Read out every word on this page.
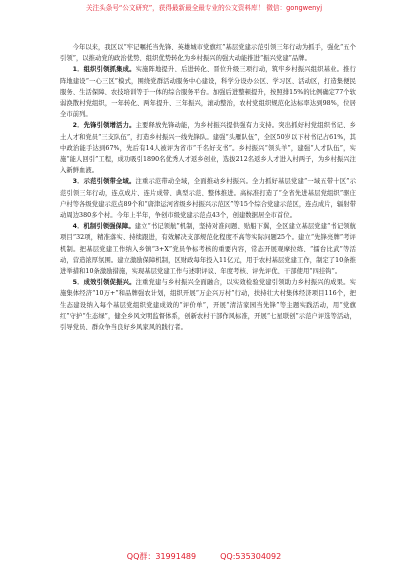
关注头条号“公文研究”，获得最新最全最专业的公文资料库！ 微信：gongwenyj

今年以来，我区以“牢记嘱托当先锋、英雄城市党旗红”基层党建示范引领三年行动为抓手，强化“五个引领”，以推动党的政治优势、组织优势转化为乡村振兴的强大动能推进“振兴党建”品牌。

1．组织引领抓集成。实施阵地提升、后进转化、晋位升级三项行动，筑牢乡村振兴组织基业。推行阵地建设“一心三区”模式，围绕党群活动服务中心建设，科学分设办公区、学习区、活动区，打造集便民服务、生活保障、农技培训等于一体的综合服务平台。加强后进整顿提升，按照排15%的比例确定77个软弱涣散村党组织，一年转化、两年提升、三年振兴，滚动整治，农村党组织规范化达标率达到98%，位居全市前列。

2．先锋引领增活力。主要释放先锋动能，为乡村振兴提供强有力支持。突出抓好村党组织书记、乡土人才和党员“三支队伍”，打造乡村振兴一线先锋队。建强“头雁队伍”，全区50岁以下村书记占61%，其中政治能手达到67%，先后有14人被评为省市“千名好支书”。乡村振兴“领头羊”，建强“人才队伍”，实施“能人回引”工程，成功吸引1890名优秀人才返乡创业，选拔212名返乡人才进入村两子，为乡村振兴注入新鲜血液。

3．示范引领带全域。注重示范带动全域，全面推动乡村振兴。全力抓好基层党建“一域五带十区”示范引领三年行动，连点成片、连片成带、典型示范、整体推进。高标准打造了“全省先进基层党组织”驱庄户村等各级党建示范点89个和“唐津运河省级乡村振兴示范区”等15个综合党建示范区，连点成片，辐射带动周边380多个村。今年上半年，争创市级党建示范点43个，创建数据居全市首位。

4．机制引领强保障。建立“书记领航”机制，坚持对准问题、贴船下翼，全区建立基层党建“书记领航项目”32项，精准落实、持续跟进，有效解决支部规范化程度不高等实际问题25个。建立“先锋亮牌”考评机制。把基层党建工作纳入乡镇“3+X”党员争标考核的重要内容，常态开展观摩拉练、“擂台比武”等活动，营造浓厚氛围。建立激励保障机制，区财政每年投入11亿元，用于农村基层党建工作，制定了10条推进举措和10条激励措施，实现基层党建工作与述职评议、年度考核、评先评优、干部使用“四挂钩”。

5．成效引领促振兴。注重党建与乡村振兴全面融合，以实效检验党建引领助力乡村振兴的成果。实施集体经济“10万+”和品牌强农计划，组织开展“万企兴万村”行动，扶持壮大村集体经济项目116个，把生态建设纳入每个基层党组织党建成效的“评价单”，开展“清洁家园当先锋”等主题实践活动，用“党旗红”守护“生态绿”，健全乡风文明监督体系，创新农村干部作风标准，开展“七星联创”示范户评选等活动，引导党员、群众争当良好乡风家风的践行者。

QQ群：31991489	QQ:535304092
